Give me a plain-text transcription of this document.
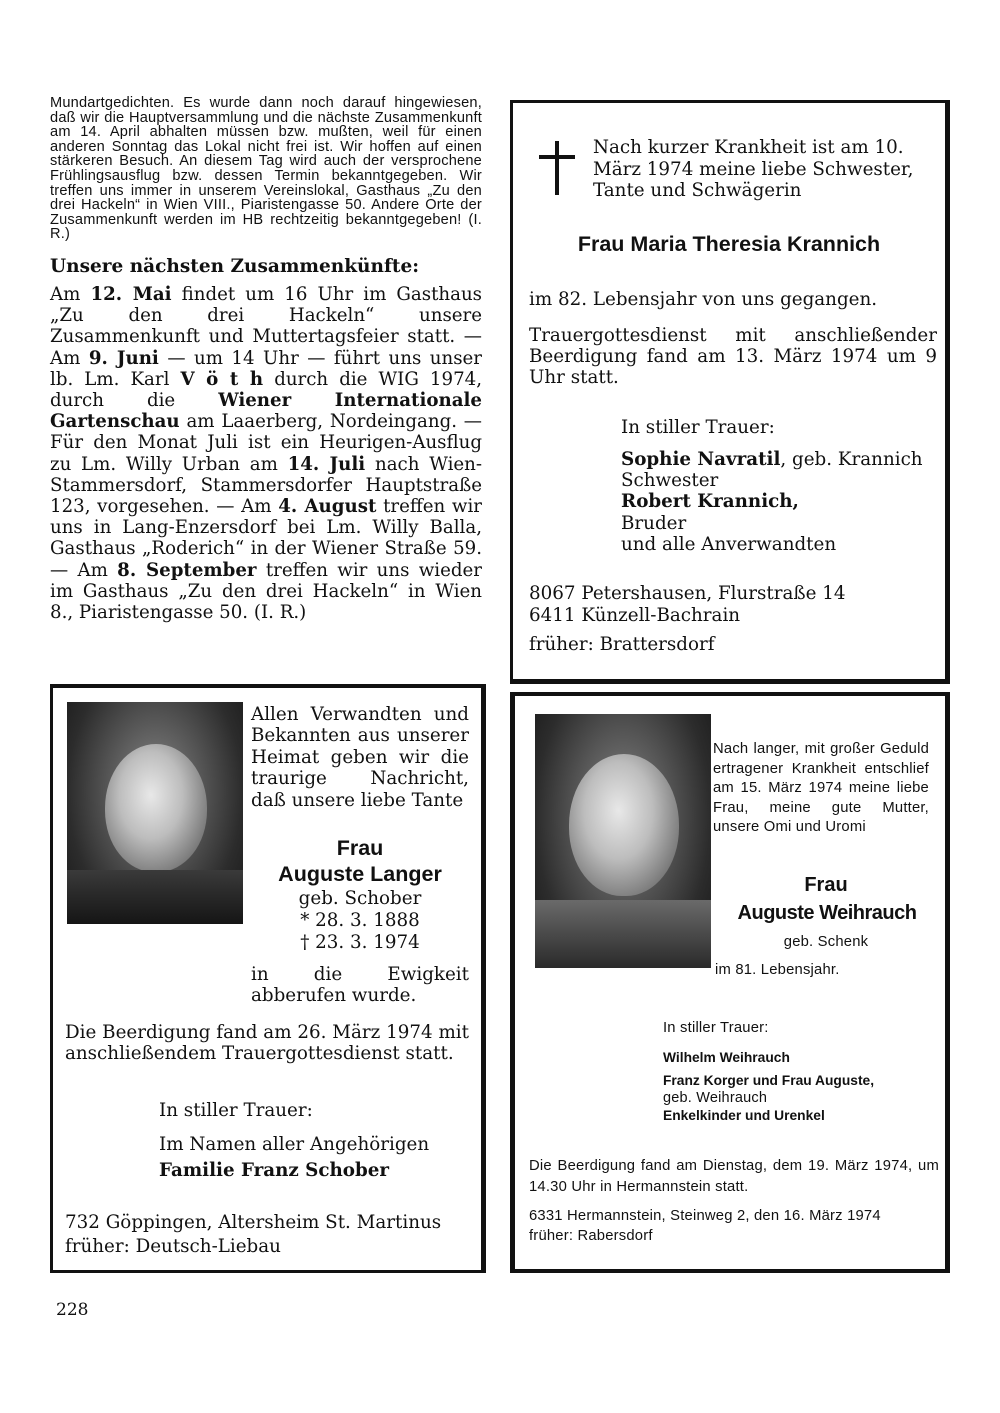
Mundartgedichten. Es wurde dann noch darauf hingewiesen, daß wir die Hauptversammlung und die nächste Zusammenkunft am 14. April abhalten müssen bzw. mußten, weil für einen anderen Sonntag das Lokal nicht frei ist. Wir hoffen auf einen stärkeren Besuch. An diesem Tag wird auch der versprochene Frühlingsausflug bzw. dessen Termin bekanntgegeben. Wir treffen uns immer in unserem Vereinslokal, Gasthaus „Zu den drei Hackeln“ in Wien VIII., Piaristengasse 50. Andere Orte der Zusammenkunft werden im HB rechtzeitig bekanntgegeben! (I. R.)

Unsere nächsten Zusammenkünfte:

Am 12. Mai findet um 16 Uhr im Gasthaus „Zu den drei Hackeln“ unsere Zusammenkunft und Muttertagsfeier statt. — Am 9. Juni — um 14 Uhr — führt uns unser lb. Lm. Karl V ö t h durch die WIG 1974, durch die Wiener Internationale Gartenschau am Laaerberg, Nordeingang. — Für den Monat Juli ist ein Heurigen-Ausflug zu Lm. Willy Urban am 14. Juli nach Wien-Stammersdorf, Stammersdorfer Hauptstraße 123, vorgesehen. — Am 4. August treffen wir uns in Lang-Enzersdorf bei Lm. Willy Balla, Gasthaus „Roderich“ in der Wiener Straße 59. — Am 8. September treffen wir uns wieder im Gasthaus „Zu den drei Hackeln“ in Wien 8., Piaristengasse 50. (I. R.)

Nach kurzer Krankheit ist am 10. März 1974 meine liebe Schwester, Tante und Schwägerin

Frau Maria Theresia Krannich

im 82. Lebensjahr von uns gegangen.

Trauergottesdienst mit anschließender Beerdigung fand am 13. März 1974 um 9 Uhr statt.

In stiller Trauer:

Sophie Navratil, geb. Krannich
Schwester
Robert Krannich,
Bruder
und alle Anverwandten
8067 Petershausen, Flurstraße 14
6411 Künzell-Bachrain
früher: Brattersdorf

Allen Verwandten und Bekannten aus unserer Heimat geben wir die traurige Nachricht, daß unsere liebe Tante

Frau

Auguste Langer

geb. Schober
* 28. 3. 1888
† 23. 3. 1974

in die Ewigkeit abberufen wurde.

Die Beerdigung fand am 26. März 1974 mit anschließendem Trauergottesdienst statt.

In stiller Trauer:

Im Namen aller Angehörigen

Familie Franz Schober

732 Göppingen, Altersheim St. Martinus

früher: Deutsch-Liebau

Nach langer, mit großer Geduld ertragener Krankheit entschlief am 15. März 1974 meine liebe Frau, meine gute Mutter, unsere Omi und Uromi

Frau

Auguste Weihrauch

geb. Schenk

im 81. Lebensjahr.

In stiller Trauer:

Wilhelm Weihrauch
Franz Korger und Frau Auguste,
geb. Weihrauch
Enkelkinder und Urenkel

Die Beerdigung fand am Dienstag, dem 19. März 1974, um 14.30 Uhr in Hermannstein statt.

6331 Hermannstein, Steinweg 2, den 16. März 1974

früher: Rabersdorf

228
